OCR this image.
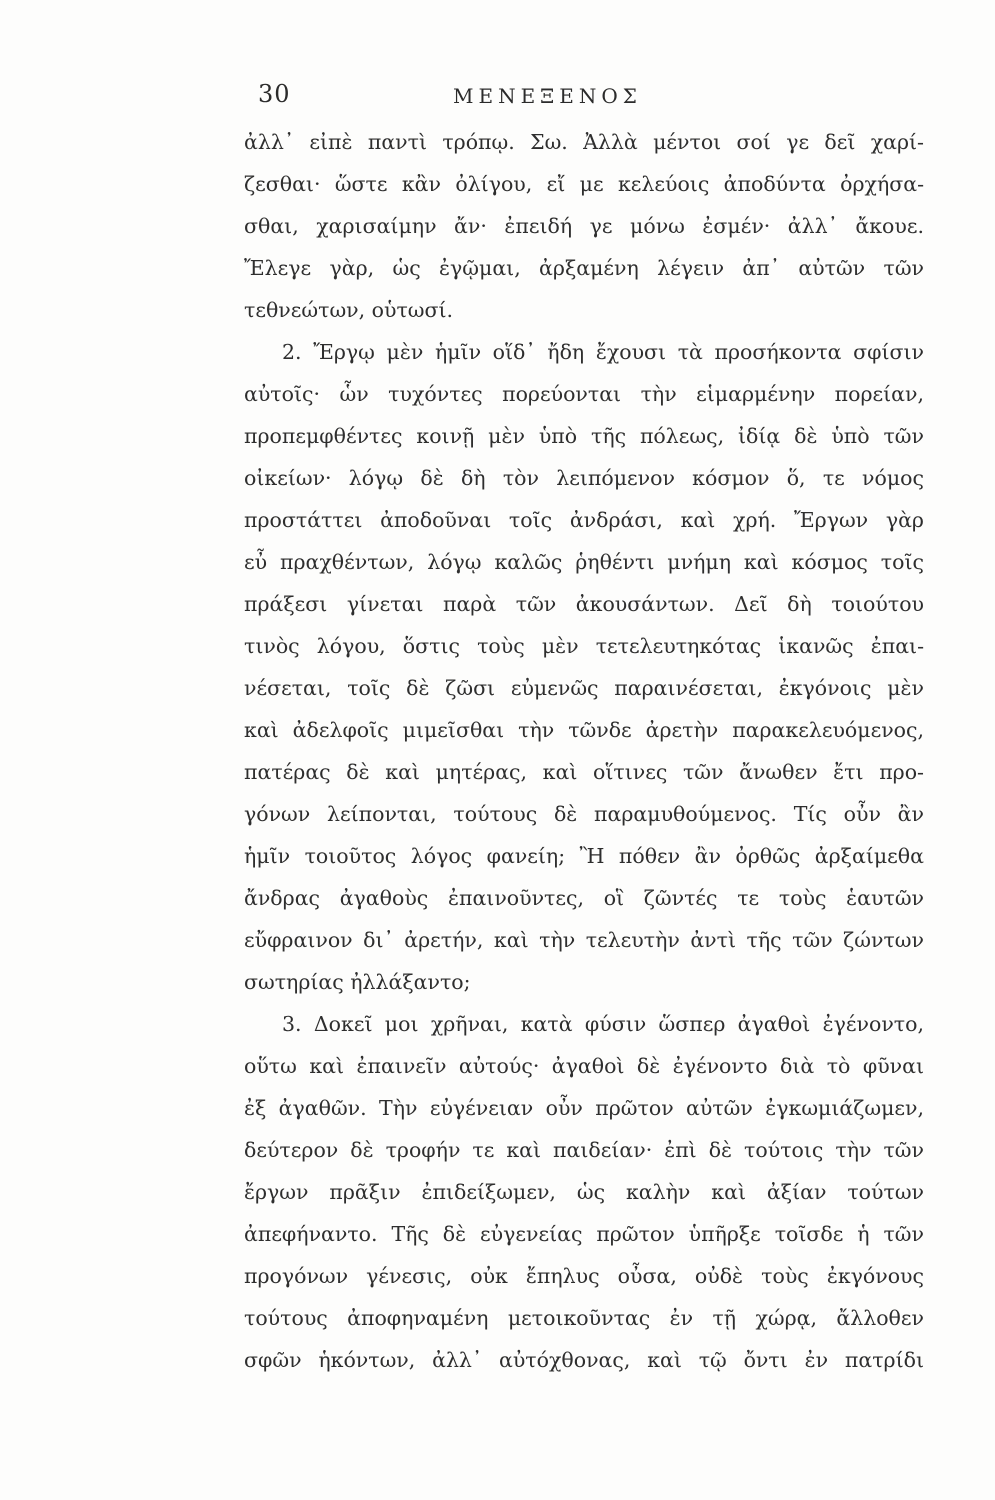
30	ΜΕΝΕΞΕΝΟΣ
ἀλλ᾽ εἰπὲ παντὶ τρόπῳ. Σω. Ἀλλὰ μέντοι σοί γε δεῖ χαρί-
ζεσθαι· ὥστε κἂν ὀλίγου, εἴ με κελεύοις ἀποδύντα ὀρχήσα-
σθαι, χαρισαίμην ἄν· ἐπειδή γε μόνω ἐσμέν· ἀλλ᾽ ἄκουε.
Ἔλεγε γὰρ, ὡς ἐγῷμαι, ἀρξαμένη λέγειν ἀπ᾽ αὐτῶν τῶν
τεθνεώτων, οὑτωσί.
2. Ἔργῳ μὲν ἡμῖν οἵδ᾽ ἤδη ἔχουσι τὰ προσήκοντα σφίσιν
αὐτοῖς· ὧν τυχόντες πορεύονται τὴν εἱμαρμένην πορείαν,
προπεμφθέντες κοινῇ μὲν ὑπὸ τῆς πόλεως, ἰδίᾳ δὲ ὑπὸ τῶν
οἰκείων· λόγῳ δὲ δὴ τὸν λειπόμενον κόσμον ὅ, τε νόμος
προστάττει ἀποδοῦναι τοῖς ἀνδράσι, καὶ χρή. Ἔργων γὰρ
εὖ πραχθέντων, λόγῳ καλῶς ῥηθέντι μνήμη καὶ κόσμος τοῖς
πράξεσι γίνεται παρὰ τῶν ἀκουσάντων. Δεῖ δὴ τοιούτου
τινὸς λόγου, ὅστις τοὺς μὲν τετελευτηκότας ἱκανῶς ἐπαι-
νέσεται, τοῖς δὲ ζῶσι εὐμενῶς παραινέσεται, ἐκγόνοις μὲν
καὶ ἀδελφοῖς μιμεῖσθαι τὴν τῶνδε ἀρετὴν παρακελευόμενος,
πατέρας δὲ καὶ μητέρας, καὶ οἵτινες τῶν ἄνωθεν ἔτι προ-
γόνων λείπονται, τούτους δὲ παραμυθούμενος. Τίς οὖν ἂν
ἡμῖν τοιοῦτος λόγος φανείη; Ἢ πόθεν ἂν ὀρθῶς ἀρξαίμεθα
ἄνδρας ἀγαθοὺς ἐπαινοῦντες, οἳ ζῶντές τε τοὺς ἑαυτῶν
εὔφραινον δι᾽ ἀρετήν, καὶ τὴν τελευτὴν ἀντὶ τῆς τῶν ζώντων
σωτηρίας ἠλλάξαντο;
3. Δοκεῖ μοι χρῆναι, κατὰ φύσιν ὥσπερ ἀγαθοὶ ἐγένοντο,
οὕτω καὶ ἐπαινεῖν αὐτούς· ἀγαθοὶ δὲ ἐγένοντο διὰ τὸ φῦναι
ἐξ ἀγαθῶν. Τὴν εὐγένειαν οὖν πρῶτον αὐτῶν ἐγκωμιάζωμεν,
δεύτερον δὲ τροφήν τε καὶ παιδείαν· ἐπὶ δὲ τούτοις τὴν τῶν
ἔργων πρᾶξιν ἐπιδείξωμεν, ὡς καλὴν καὶ ἀξίαν τούτων
ἀπεφήναντο. Τῆς δὲ εὐγενείας πρῶτον ὑπῆρξε τοῖσδε ἡ τῶν
προγόνων γένεσις, οὐκ ἔπηλυς οὖσα, οὐδὲ τοὺς ἐκγόνους
τούτους ἀποφηναμένη μετοικοῦντας ἐν τῇ χώρᾳ, ἄλλοθεν
σφῶν ἡκόντων, ἀλλ᾽ αὐτόχθονας, καὶ τῷ ὄντι ἐν πατρίδι
